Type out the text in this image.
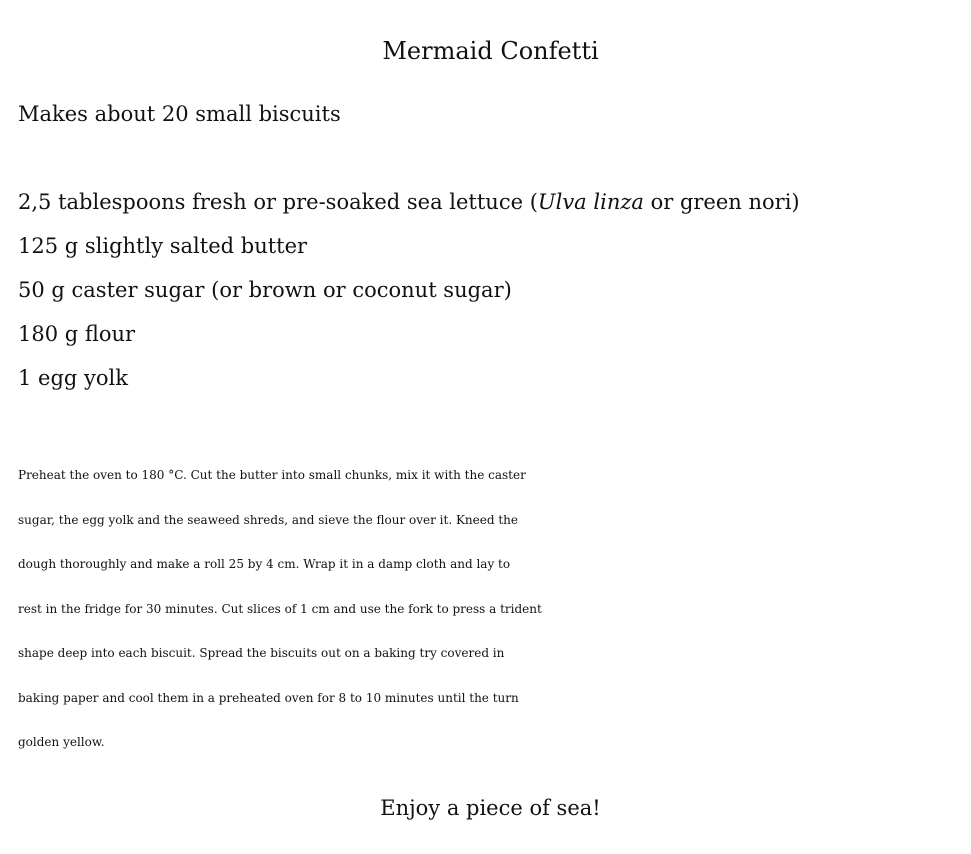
Mermaid Confetti

Makes about 20 small biscuits

2,5 tablespoons fresh or pre-soaked sea lettuce (Ulva linza or green nori)
125 g slightly salted butter
50 g caster sugar (or brown or coconut sugar)
180 g flour
1 egg yolk

Preheat the oven to 180 °C. Cut the butter into small chunks, mix it with the caster
sugar, the egg yolk and the seaweed shreds, and sieve the flour over it. Kneed the
dough thoroughly and make a roll 25 by 4 cm. Wrap it in a damp cloth and lay to
rest in the fridge for 30 minutes. Cut slices of 1 cm and use the fork to press a trident
shape deep into each biscuit. Spread the biscuits out on a baking try covered in
baking paper and cool them in a preheated oven for 8 to 10 minutes until the turn
golden yellow.

Enjoy a piece of sea!
